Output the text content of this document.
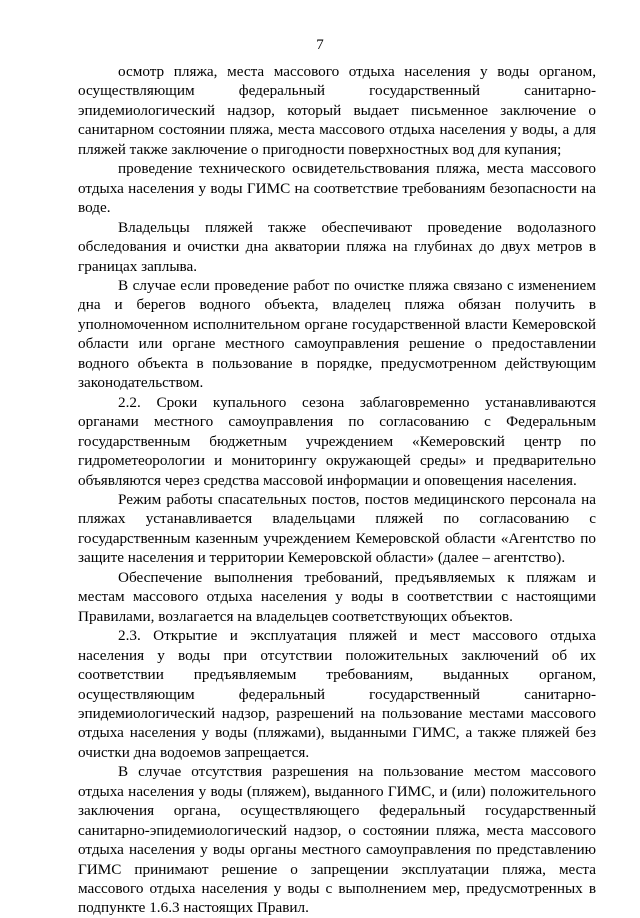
7

осмотр пляжа, места массового отдыха населения у воды органом, осуществляющим федеральный государственный санитарно-эпидемиологический надзор, который выдает письменное заключение о санитарном состоянии пляжа, места массового отдыха населения у воды, а для пляжей также заключение о пригодности поверхностных вод для купания;

проведение технического освидетельствования пляжа, места массового отдыха населения у воды ГИМС на соответствие требованиям безопасности на воде.

Владельцы пляжей также обеспечивают проведение водолазного обследования и очистки дна акватории пляжа на глубинах до двух метров в границах заплыва.

В случае если проведение работ по очистке пляжа связано с изменением дна и берегов водного объекта, владелец пляжа обязан получить в уполномоченном исполнительном органе государственной власти Кемеровской области или органе местного самоуправления решение о предоставлении водного объекта в пользование в порядке, предусмотренном действующим законодательством.

2.2. Сроки купального сезона заблаговременно устанавливаются органами местного самоуправления по согласованию с Федеральным государственным бюджетным учреждением «Кемеровский центр по гидрометеорологии и мониторингу окружающей среды» и предварительно объявляются через средства массовой информации и оповещения населения.

Режим работы спасательных постов, постов медицинского персонала на пляжах устанавливается владельцами пляжей по согласованию с государственным казенным учреждением Кемеровской области «Агентство по защите населения и территории Кемеровской области» (далее – агентство).

Обеспечение выполнения требований, предъявляемых к пляжам и местам массового отдыха населения у воды в соответствии с настоящими Правилами, возлагается на владельцев соответствующих объектов.

2.3. Открытие и эксплуатация пляжей и мест массового отдыха населения у воды при отсутствии положительных заключений об их соответствии предъявляемым требованиям, выданных органом, осуществляющим федеральный государственный санитарно-эпидемиологический надзор, разрешений на пользование местами массового отдыха населения у воды (пляжами), выданными ГИМС, а также пляжей без очистки дна водоемов запрещается.

В случае отсутствия разрешения на пользование местом массового отдыха населения у воды (пляжем), выданного ГИМС, и (или) положительного заключения органа, осуществляющего федеральный государственный санитарно-эпидемиологический надзор, о состоянии пляжа, места массового отдыха населения у воды органы местного самоуправления по представлению ГИМС принимают решение о запрещении эксплуатации пляжа, места массового отдыха населения у воды с выполнением мер, предусмотренных в подпункте 1.6.3 настоящих Правил.
